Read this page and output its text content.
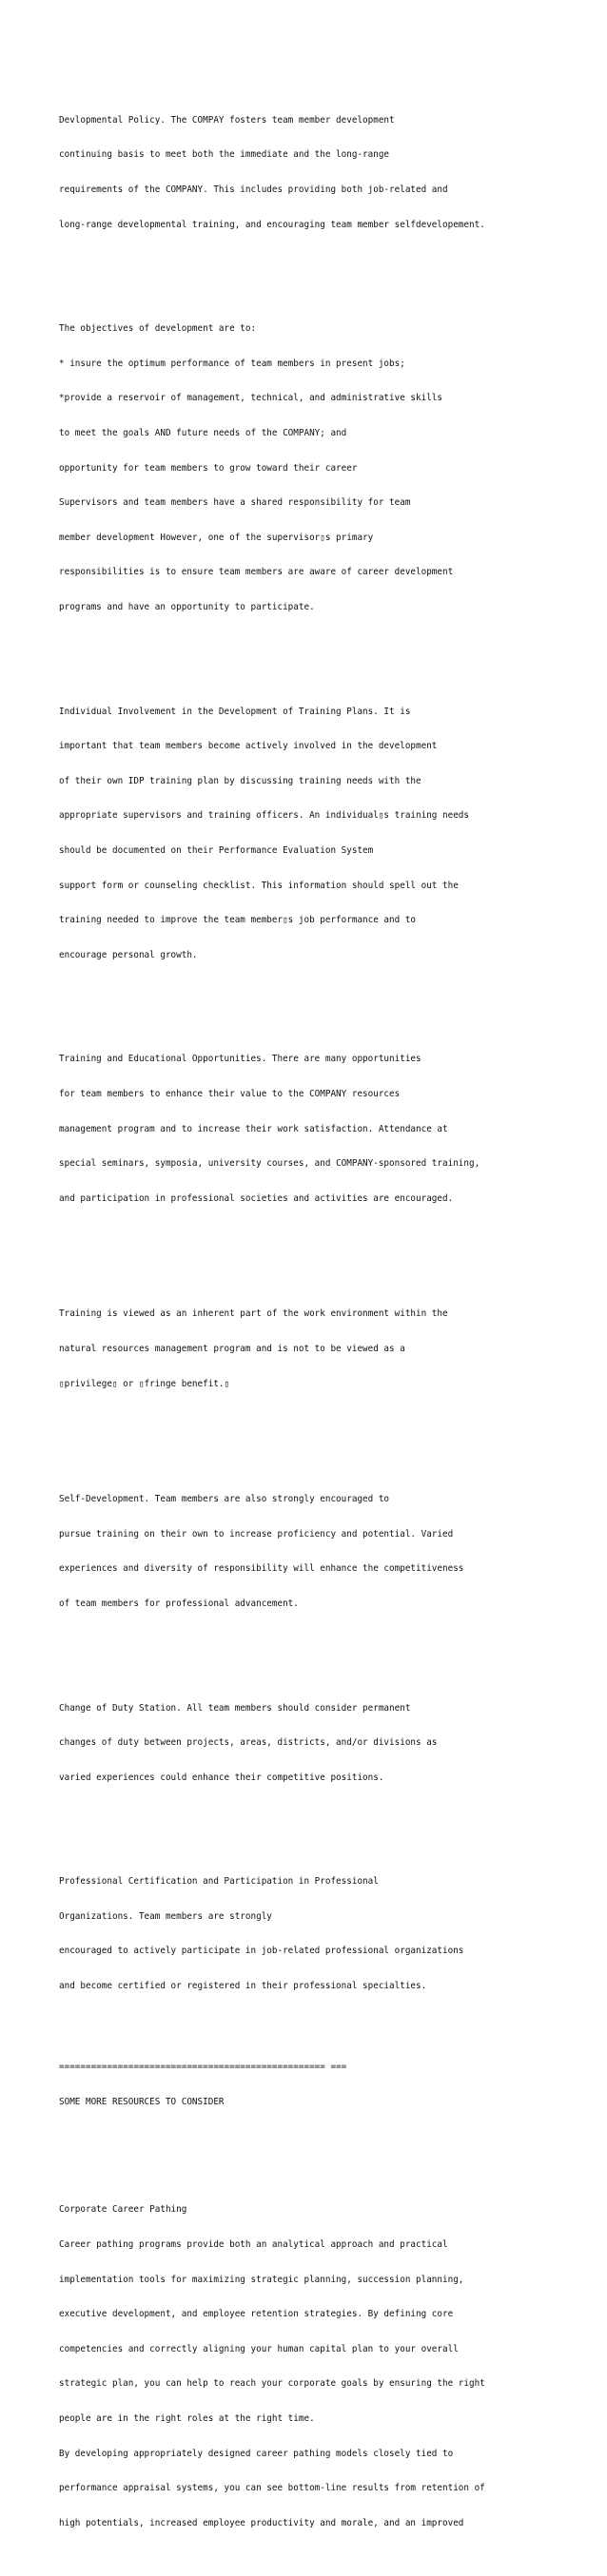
Devlopmental Policy. The COMPAY fosters team member development

continuing basis to meet both the immediate and the long-range

requirements of the COMPANY. This includes providing both job-related and

long-range developmental training, and encouraging team member selfdevelopement.

The objectives of development are to:

* insure the optimum performance of team members in present jobs;

*provide a reservoir of management, technical, and administrative skills

to meet the goals AND future needs of the COMPANY; and

opportunity for team members to grow toward their career

Supervisors and team members have a shared responsibility for team

member development However, one of the supervisor▯s primary

responsibilities is to ensure team members are aware of career development

programs and have an opportunity to participate.

Individual Involvement in the Development of Training Plans. It is

important that team members become actively involved in the development

of their own IDP training plan by discussing training needs with the

appropriate supervisors and training officers. An individual▯s training needs

should be documented on their Performance Evaluation System

support form or counseling checklist. This information should spell out the

training needed to improve the team member▯s job performance and to

encourage personal growth.

Training and Educational Opportunities. There are many opportunities

for team members to enhance their value to the COMPANY resources

management program and to increase their work satisfaction. Attendance at

special seminars, symposia, university courses, and COMPANY-sponsored training,

and participation in professional societies and activities are encouraged.

Training is viewed as an inherent part of the work environment within the

natural resources management program and is not to be viewed as a

▯privilege▯ or ▯fringe benefit.▯

Self-Development. Team members are also strongly encouraged to

pursue training on their own to increase proficiency and potential. Varied

experiences and diversity of responsibility will enhance the competitiveness

of team members for professional advancement.

Change of Duty Station. All team members should consider permanent

changes of duty between projects, areas, districts, and/or divisions as

varied experiences could enhance their competitive positions.

Professional Certification and Participation in Professional

Organizations. Team members are strongly

encouraged to actively participate in job-related professional organizations

and become certified or registered in their professional specialties.

================================================== ===

SOME MORE RESOURCES TO CONSIDER

Corporate Career Pathing

Career pathing programs provide both an analytical approach and practical

implementation tools for maximizing strategic planning, succession planning,

executive development, and employee retention strategies. By defining core

competencies and correctly aligning your human capital plan to your overall

strategic plan, you can help to reach your corporate goals by ensuring the right

people are in the right roles at the right time.

By developing appropriately designed career pathing models closely tied to

performance appraisal systems, you can see bottom-line results from retention of

high potentials, increased employee productivity and morale, and an improved
